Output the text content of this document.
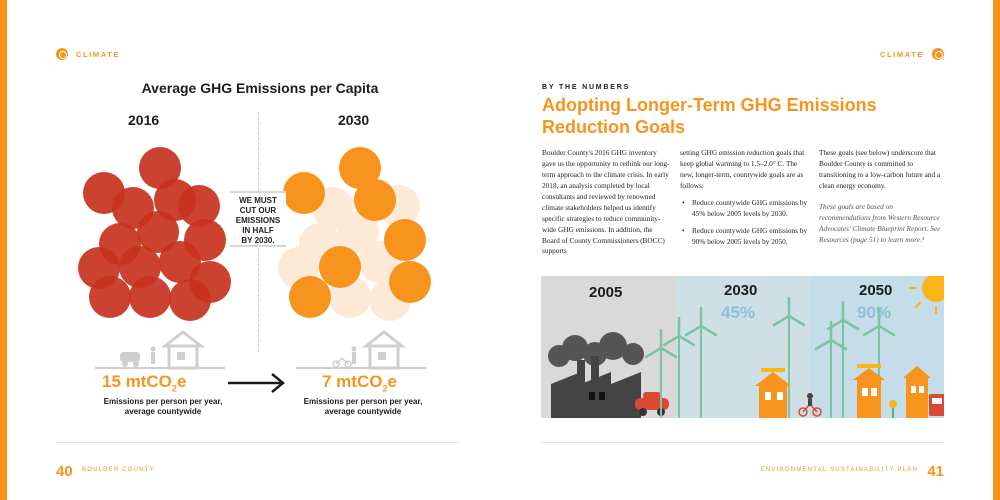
CLIMATE	CLIMATE
Average GHG Emissions per Capita
2016	2030
WE MUST
CUT OUR
EMISSIONS
IN HALF
BY 2030.
15 mtCO$_2$e	7 mtCO$_2$e
Emissions per person per year,
average countywide
Emissions per person per year,
average countywide
BY THE NUMBERS
Adopting Longer-Term GHG Emissions Reduction Goals

Boulder County's 2016 GHG inventory gave us the opportunity to rethink our long-term approach to the climate crisis. In early 2018, an analysis completed by local consultants and reviewed by renowned climate stakeholders helped us identify specific strategies to reduce community-wide GHG emissions. In addition, the Board of County Commissioners (BOCC) supports

setting GHG emission reduction goals that keep global warming to 1.5–2.0° C. The new, longer-term, countywide goals are as follows:

• Reduce countywide GHG emissions by 45% below 2005 levels by 2030.
• Reduce countywide GHG emissions by 90% below 2005 levels by 2050.

These goals (see below) underscore that Boulder County is committed to transitioning to a low-carbon future and a clean energy economy.

These goals are based on recommendations from Western Resource Advocates' Climate Blueprint Report. See Resources (page 51) to learn more.³

2005	2030
45%
2050
90%
40 BOULDER COUNTY	ENVIRONMENTAL SUSTAINABILITY PLAN 41
